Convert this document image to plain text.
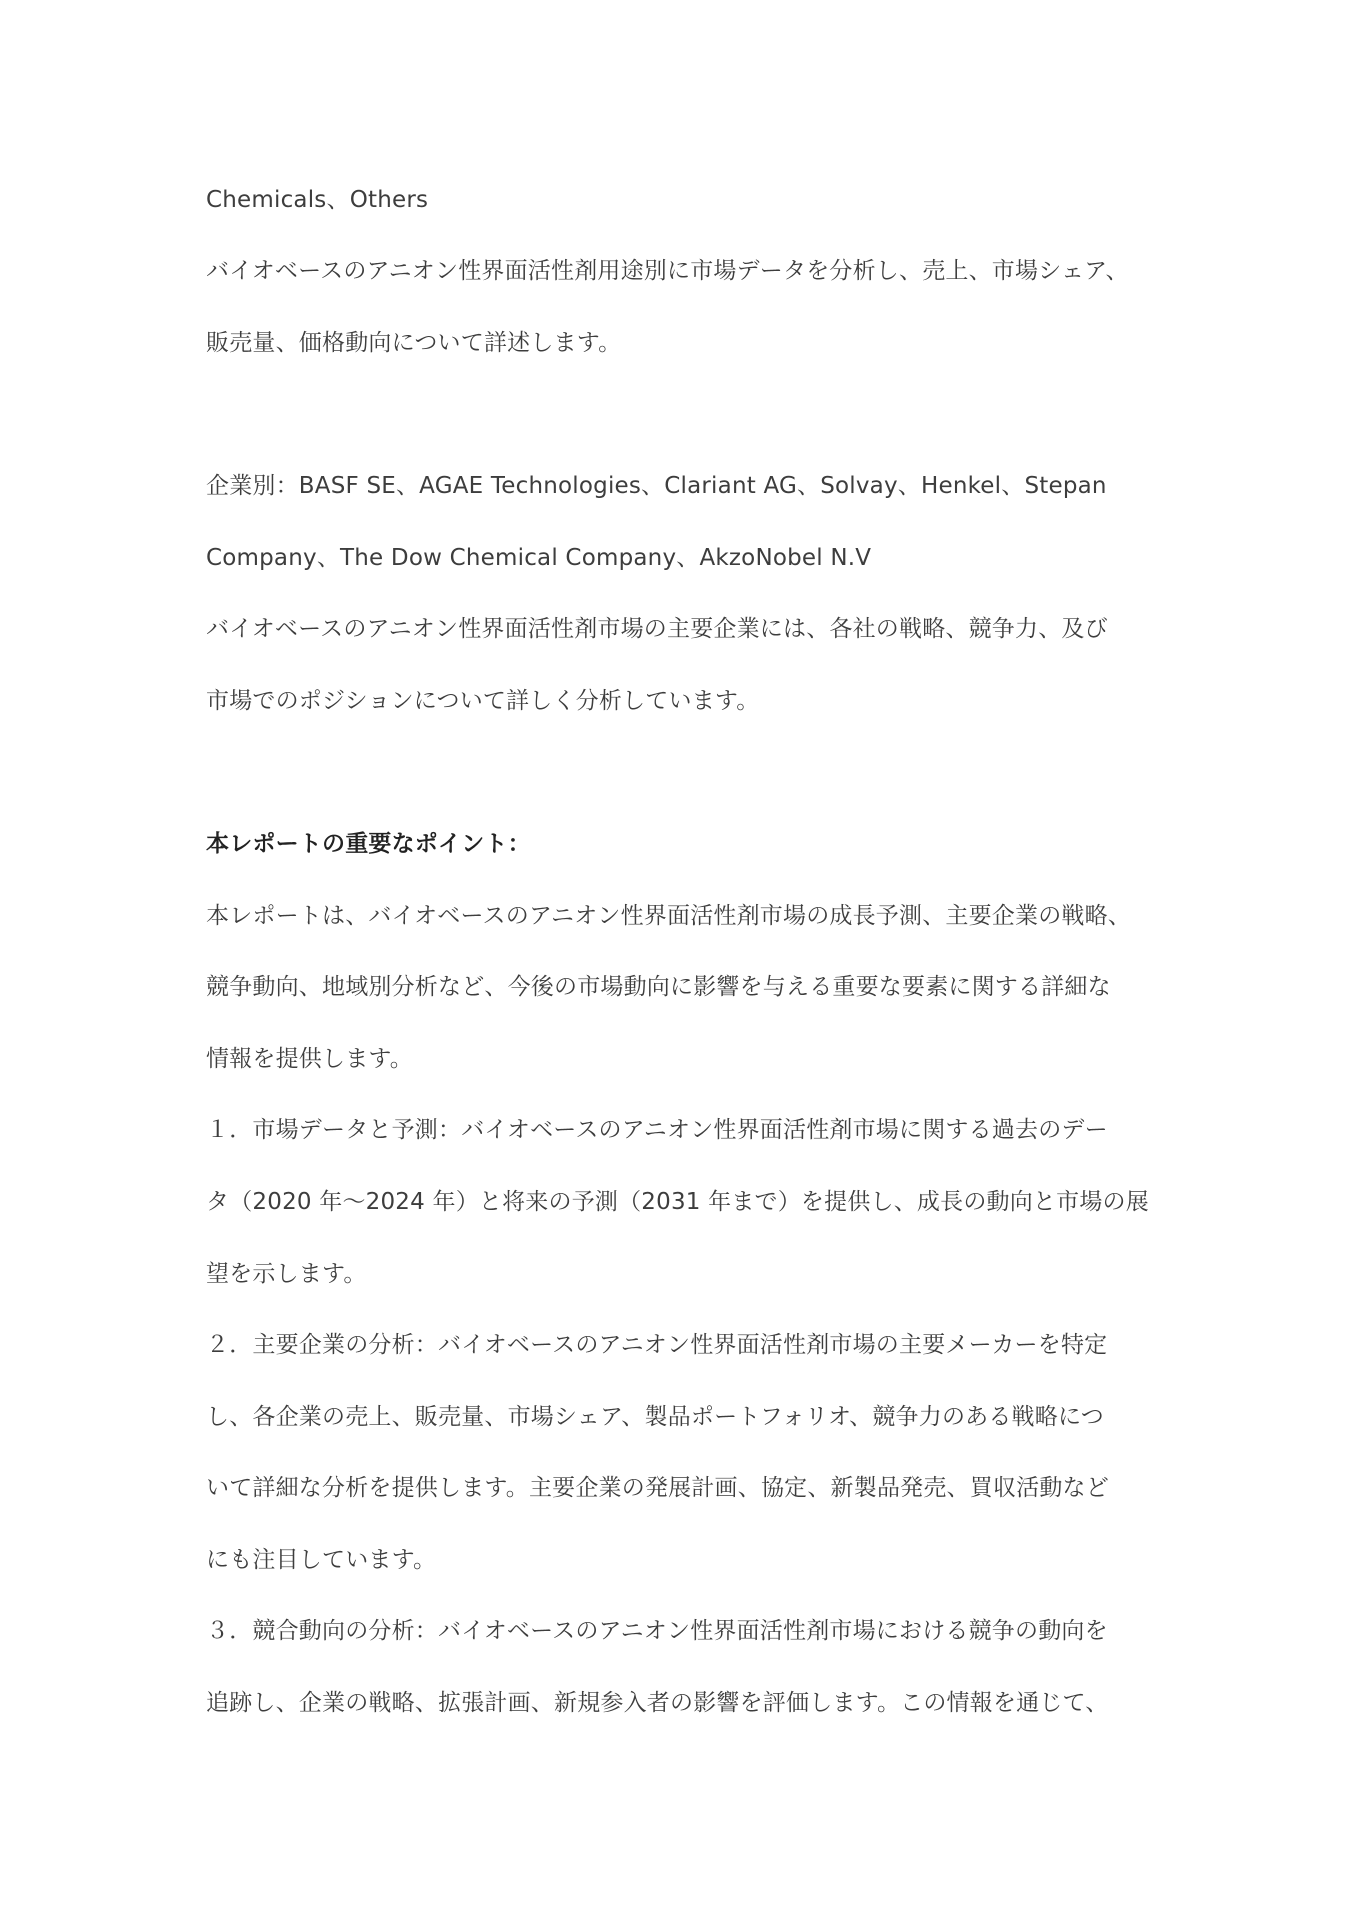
Chemicals、Others
バイオベースのアニオン性界面活性剤用途別に市場データを分析し、売上、市場シェア、
販売量、価格動向について詳述します。
企業別：BASF SE、AGAE Technologies、Clariant AG、Solvay、Henkel、Stepan
Company、The Dow Chemical Company、AkzoNobel N.V
バイオベースのアニオン性界面活性剤市場の主要企業には、各社の戦略、競争力、及び
市場でのポジションについて詳しく分析しています。
本レポートの重要なポイント：
本レポートは、バイオベースのアニオン性界面活性剤市場の成長予測、主要企業の戦略、
競争動向、地域別分析など、今後の市場動向に影響を与える重要な要素に関する詳細な
情報を提供します。
１．市場データと予測：バイオベースのアニオン性界面活性剤市場に関する過去のデー
タ（2020 年～2024 年）と将来の予測（2031 年まで）を提供し、成長の動向と市場の展
望を示します。
２．主要企業の分析：バイオベースのアニオン性界面活性剤市場の主要メーカーを特定
し、各企業の売上、販売量、市場シェア、製品ポートフォリオ、競争力のある戦略につ
いて詳細な分析を提供します。主要企業の発展計画、協定、新製品発売、買収活動など
にも注目しています。
３．競合動向の分析：バイオベースのアニオン性界面活性剤市場における競争の動向を
追跡し、企業の戦略、拡張計画、新規参入者の影響を評価します。この情報を通じて、
